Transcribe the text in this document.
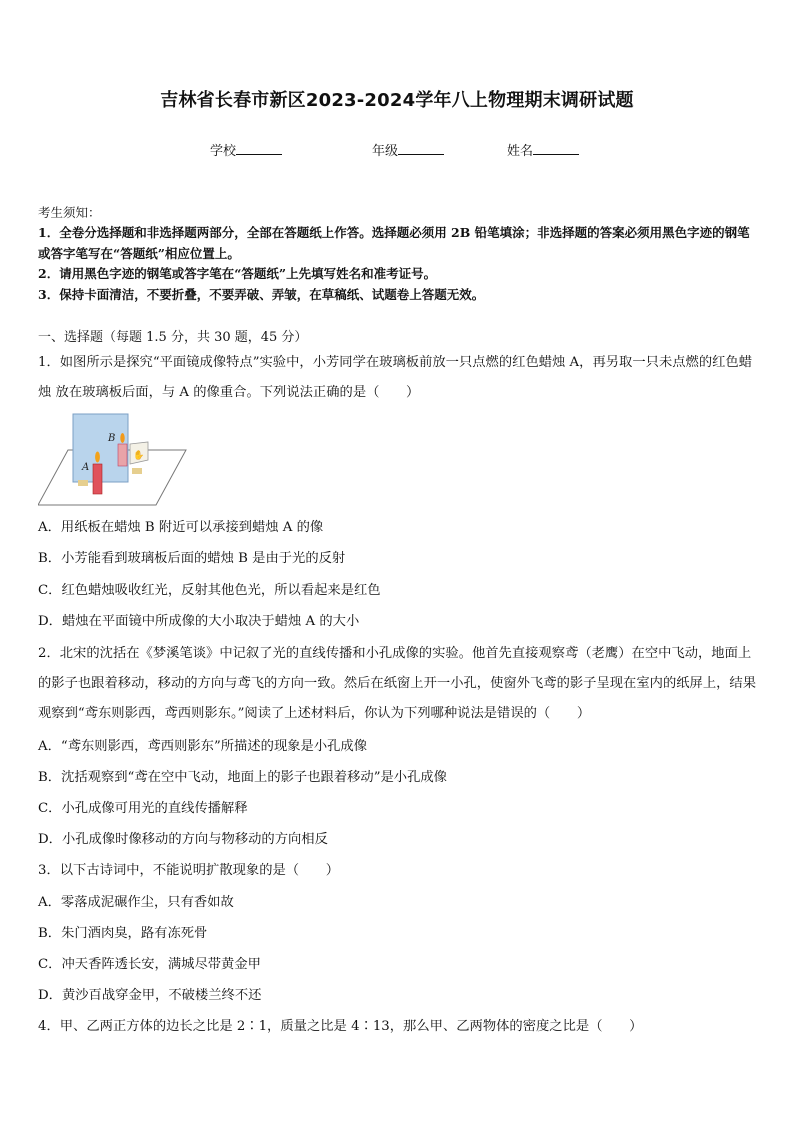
吉林省长春市新区2023-2024学年八上物理期末调研试题
学校	年级	姓名
考生须知：
1．全卷分选择题和非选择题两部分，全部在答题纸上作答。选择题必须用 2B 铅笔填涂；非选择题的答案必须用黑色字迹的钢笔或答字笔写在“答题纸”相应位置上。
2．请用黑色字迹的钢笔或答字笔在“答题纸”上先填写姓名和准考证号。
3．保持卡面清洁，不要折叠，不要弄破、弄皱，在草稿纸、试题卷上答题无效。
一、选择题（每题 1.5 分，共 30 题，45 分）
1．如图所示是探究“平面镜成像特点”实验中，小芳同学在玻璃板前放一只点燃的红色蜡烛 A，再另取一只未点燃的红色蜡烛 放在玻璃板后面，与 A 的像重合。下列说法正确的是（　　）
✋
B
A
A．用纸板在蜡烛 B 附近可以承接到蜡烛 A 的像
B．小芳能看到玻璃板后面的蜡烛 B 是由于光的反射
C．红色蜡烛吸收红光，反射其他色光，所以看起来是红色
D．蜡烛在平面镜中所成像的大小取决于蜡烛 A 的大小
2．北宋的沈括在《梦溪笔谈》中记叙了光的直线传播和小孔成像的实验。他首先直接观察鸢（老鹰）在空中飞动，地面上的影子也跟着移动，移动的方向与鸢飞的方向一致。然后在纸窗上开一小孔，使窗外飞鸢的影子呈现在室内的纸屏上，结果观察到“鸢东则影西，鸢西则影东。”阅读了上述材料后，你认为下列哪种说法是错误的（　　）
A．“鸢东则影西，鸢西则影东”所描述的现象是小孔成像
B．沈括观察到“鸢在空中飞动，地面上的影子也跟着移动”是小孔成像
C．小孔成像可用光的直线传播解释
D．小孔成像时像移动的方向与物移动的方向相反
3．以下古诗词中，不能说明扩散现象的是（　　）
A．零落成泥碾作尘，只有香如故
B．朱门酒肉臭，路有冻死骨
C．冲天香阵透长安，满城尽带黄金甲
D．黄沙百战穿金甲，不破楼兰终不还
4．甲、乙两正方体的边长之比是 2∶1，质量之比是 4∶13，那么甲、乙两物体的密度之比是（　　）
